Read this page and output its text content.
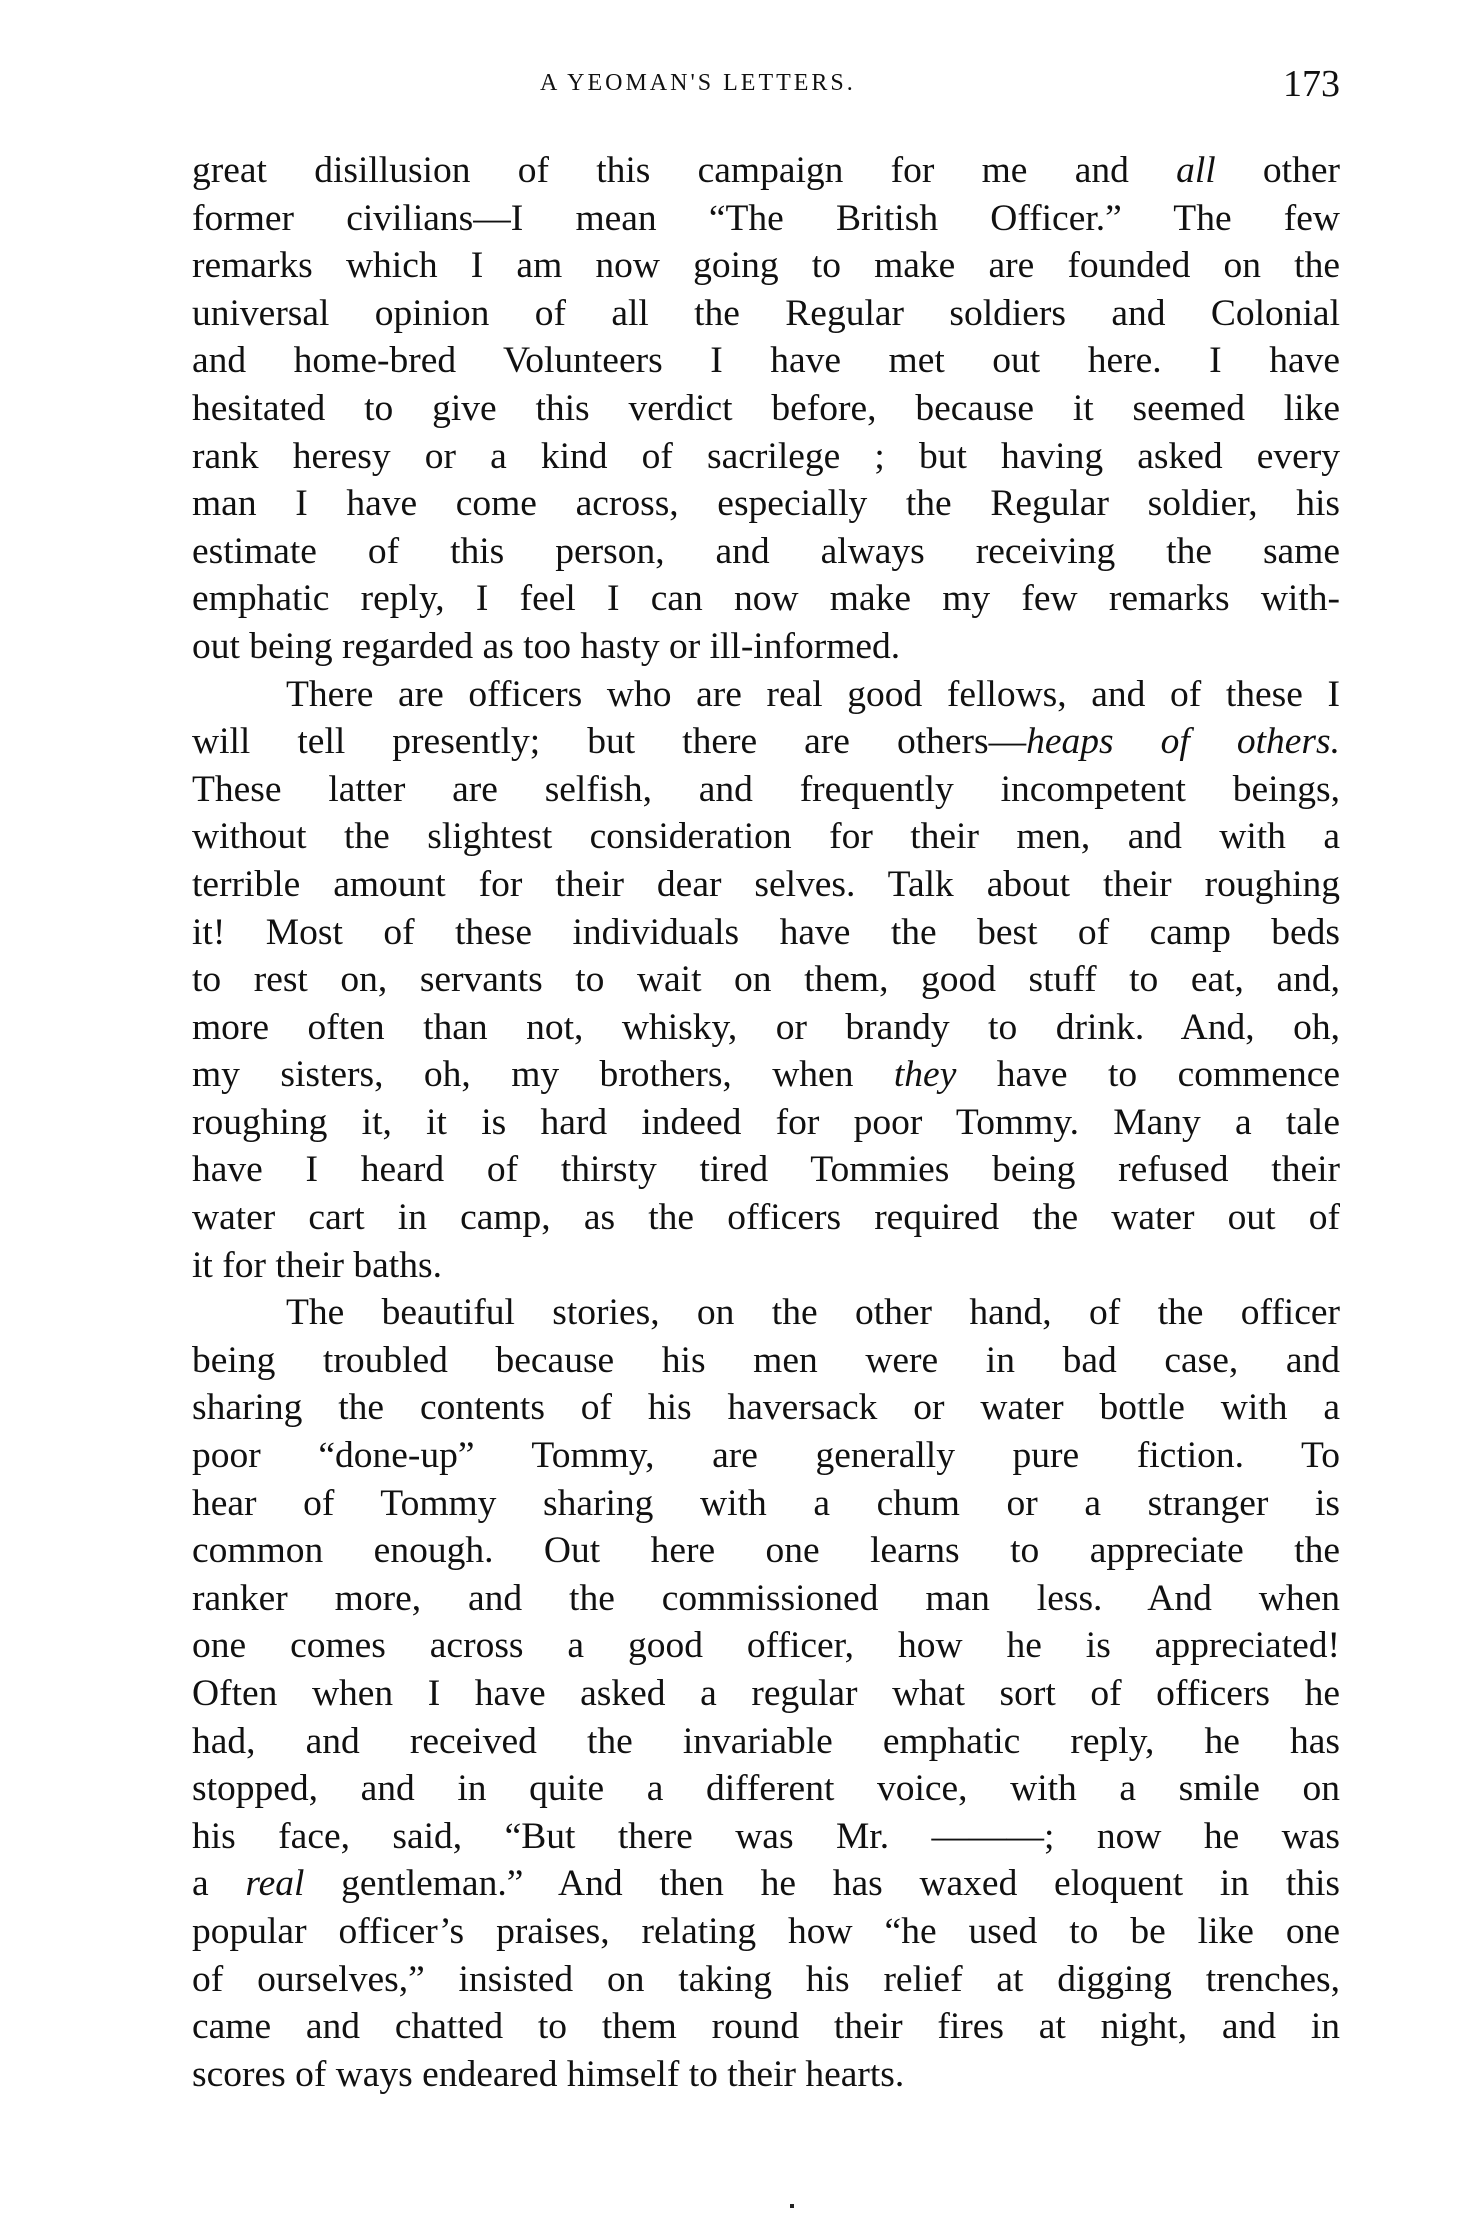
A YEOMAN'S LETTERS.	173
great disillusion of this campaign for me and all other
former civilians—I mean “The British Officer.” The few
remarks which I am now going to make are founded on the
universal opinion of all the Regular soldiers and Colonial
and home-bred Volunteers I have met out here. I have
hesitated to give this verdict before, because it seemed like
rank heresy or a kind of sacrilege ; but having asked every
man I have come across, especially the Regular soldier, his
estimate of this person, and always receiving the same
emphatic reply, I feel I can now make my few remarks with-
out being regarded as too hasty or ill-informed.
There are officers who are real good fellows, and of these I
will tell presently; but there are others—heaps of others.
These latter are selfish, and frequently incompetent beings,
without the slightest consideration for their men, and with a
terrible amount for their dear selves. Talk about their roughing
it! Most of these individuals have the best of camp beds
to rest on, servants to wait on them, good stuff to eat, and,
more often than not, whisky, or brandy to drink. And, oh,
my sisters, oh, my brothers, when they have to commence
roughing it, it is hard indeed for poor Tommy. Many a tale
have I heard of thirsty tired Tommies being refused their
water cart in camp, as the officers required the water out of
it for their baths.
The beautiful stories, on the other hand, of the officer
being troubled because his men were in bad case, and
sharing the contents of his haversack or water bottle with a
poor “done-up” Tommy, are generally pure fiction. To
hear of Tommy sharing with a chum or a stranger is
common enough. Out here one learns to appreciate the
ranker more, and the commissioned man less. And when
one comes across a good officer, how he is appreciated!
Often when I have asked a regular what sort of officers he
had, and received the invariable emphatic reply, he has
stopped, and in quite a different voice, with a smile on
his face, said, “But there was Mr. ———; now he was
a real gentleman.” And then he has waxed eloquent in this
popular officer’s praises, relating how “he used to be like one
of ourselves,” insisted on taking his relief at digging trenches,
came and chatted to them round their fires at night, and in
scores of ways endeared himself to their hearts.
